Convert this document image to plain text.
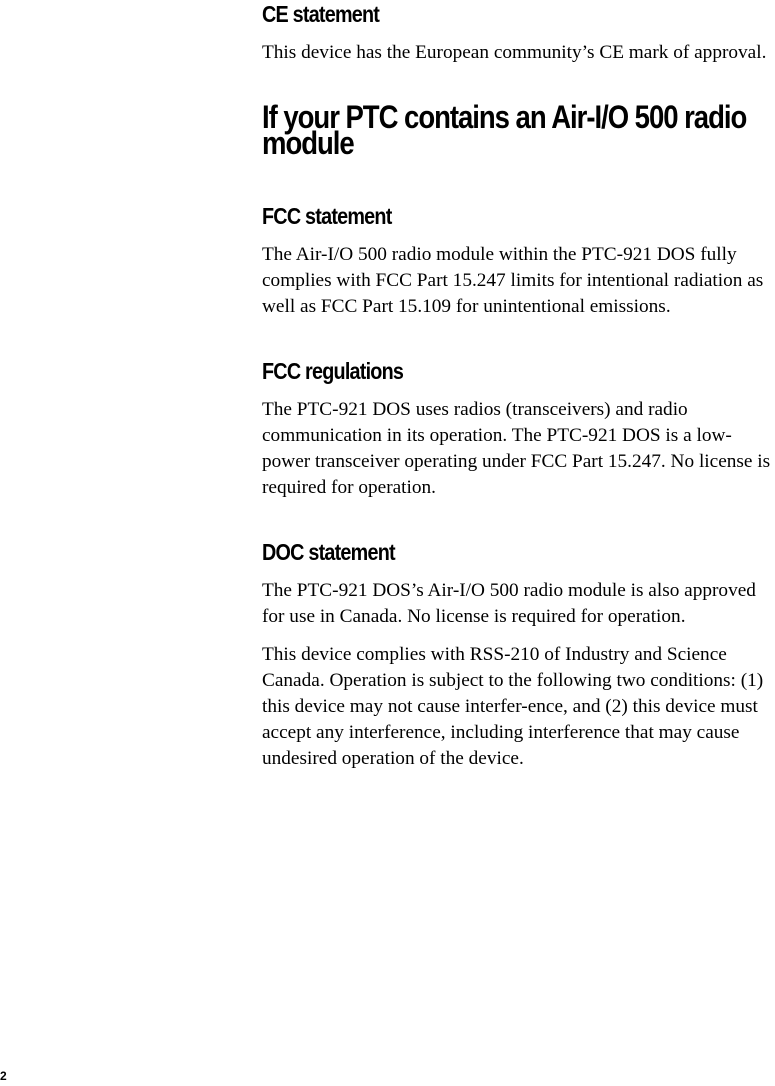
CE statement

This device has the European community’s CE mark of approval.

If your PTC contains an Air-I/O 500 radio module
FCC statement

The Air-I/O 500 radio module within the PTC-921 DOS fully complies with FCC Part 15.247 limits for intentional radiation as well as FCC Part 15.109 for unintentional emissions.

FCC regulations

The PTC-921 DOS uses radios (transceivers) and radio communication in its operation. The PTC-921 DOS is a low-power transceiver operating under FCC Part 15.247. No license is required for operation.

DOC statement

The PTC-921 DOS’s Air-I/O 500 radio module is also approved for use in Canada. No license is required for operation.

This device complies with RSS-210 of Industry and Science Canada. Operation is subject to the following two conditions: (1) this device may not cause interfer-ence, and (2) this device must accept any interference, including interference that may cause undesired operation of the device.

2
